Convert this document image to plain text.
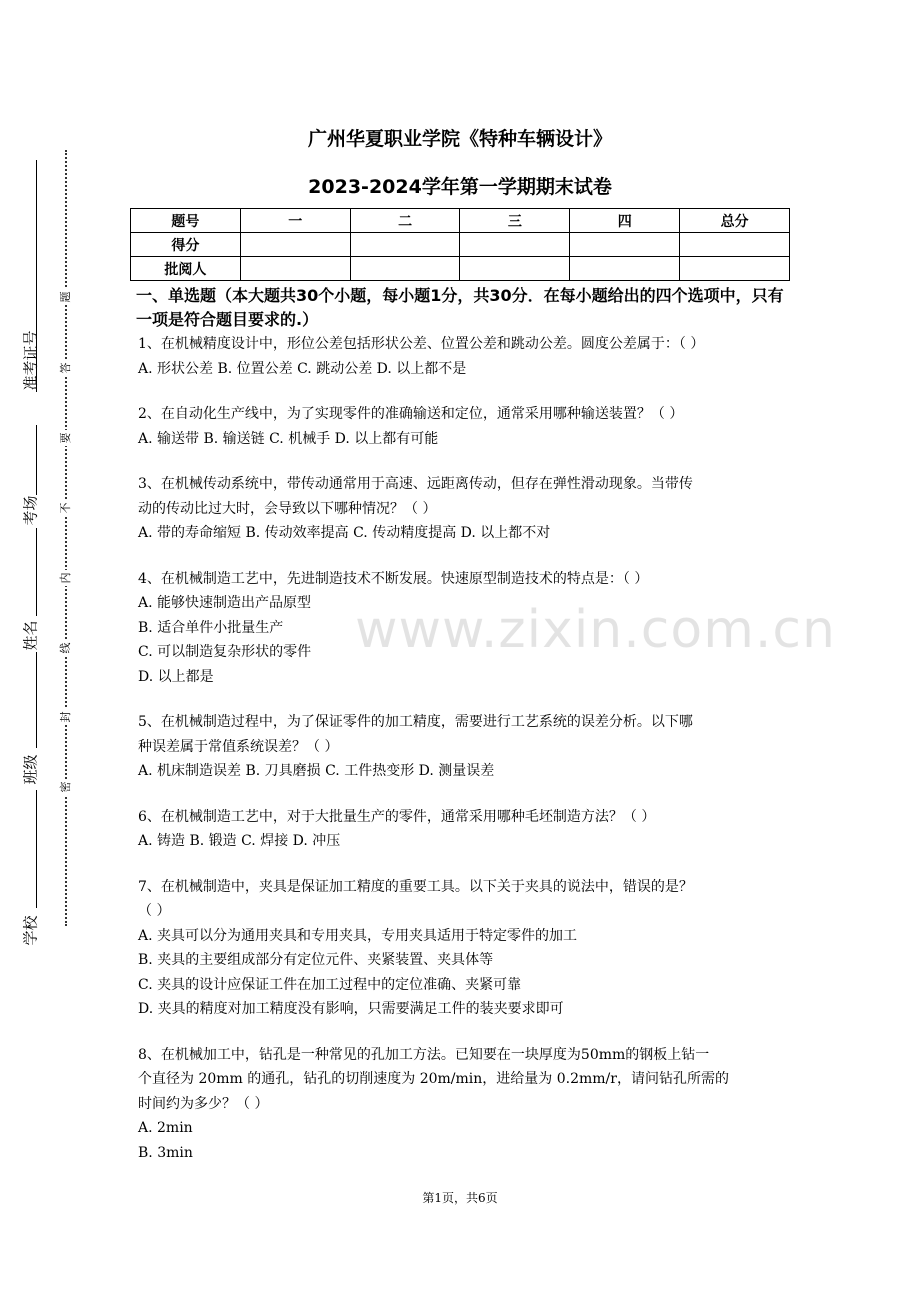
准考证号
考场
姓名
班级
学校
题
答
要
不
内
线
封
密
广州华夏职业学院《特种车辆设计》
2023-2024学年第一学期期末试卷
题号	一	二	三	四	总分
得分					
批阅人					
www.zixin.com.cn
一、单选题（本大题共30个小题，每小题1分，共30分．在每小题给出的四个选项中，只有一项是符合题目要求的.）
1、在机械精度设计中，形位公差包括形状公差、位置公差和跳动公差。圆度公差属于：（ ）
A. 形状公差 B. 位置公差 C. 跳动公差 D. 以上都不是
2、在自动化生产线中，为了实现零件的准确输送和定位，通常采用哪种输送装置？（ ）
A. 输送带 B. 输送链 C. 机械手 D. 以上都有可能
3、在机械传动系统中，带传动通常用于高速、远距离传动，但存在弹性滑动现象。当带传
动的传动比过大时，会导致以下哪种情况？（ ）
A. 带的寿命缩短 B. 传动效率提高 C. 传动精度提高 D. 以上都不对
4、在机械制造工艺中，先进制造技术不断发展。快速原型制造技术的特点是：（ ）
A. 能够快速制造出产品原型
B. 适合单件小批量生产
C. 可以制造复杂形状的零件
D. 以上都是
5、在机械制造过程中，为了保证零件的加工精度，需要进行工艺系统的误差分析。以下哪
种误差属于常值系统误差？（ ）
A. 机床制造误差 B. 刀具磨损 C. 工件热变形 D. 测量误差
6、在机械制造工艺中，对于大批量生产的零件，通常采用哪种毛坯制造方法？（ ）
A. 铸造 B. 锻造 C. 焊接 D. 冲压
7、在机械制造中，夹具是保证加工精度的重要工具。以下关于夹具的说法中，错误的是？
（ ）
A. 夹具可以分为通用夹具和专用夹具，专用夹具适用于特定零件的加工
B. 夹具的主要组成部分有定位元件、夹紧装置、夹具体等
C. 夹具的设计应保证工件在加工过程中的定位准确、夹紧可靠
D. 夹具的精度对加工精度没有影响，只需要满足工件的装夹要求即可
8、在机械加工中，钻孔是一种常见的孔加工方法。已知要在一块厚度为50mm的钢板上钻一
个直径为 20mm 的通孔，钻孔的切削速度为 20m/min，进给量为 0.2mm/r，请问钻孔所需的
时间约为多少？（ ）
A. 2min
B. 3min
第1页，共6页
